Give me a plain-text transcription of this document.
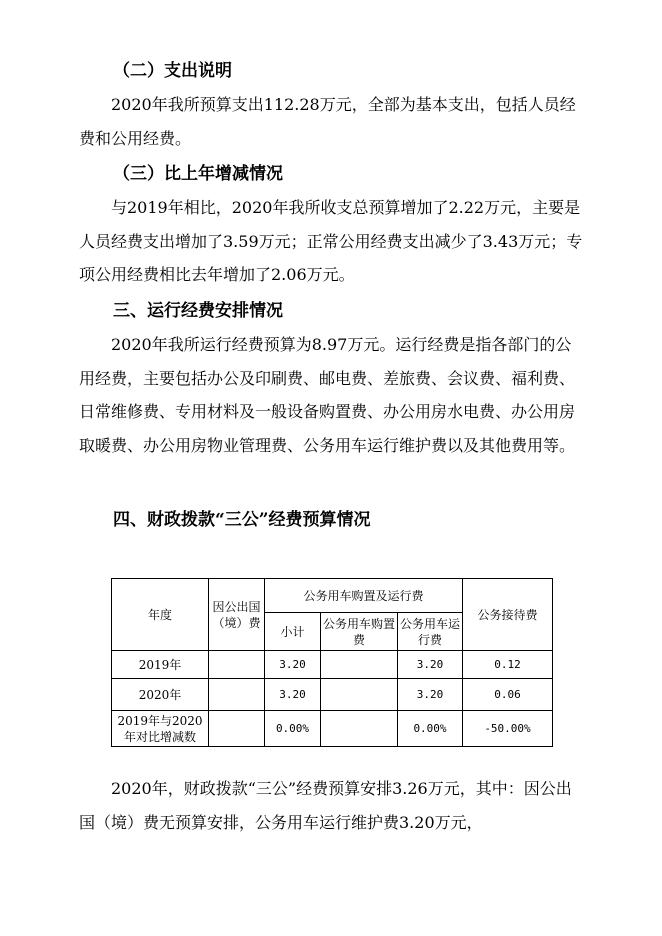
（二）支出说明
2020年我所预算支出112.28万元，全部为基本支出，包括人员经费和公用经费。
（三）比上年增减情况
与2019年相比，2020年我所收支总预算增加了2.22万元，主要是人员经费支出增加了3.59万元；正常公用经费支出减少了3.43万元；专项公用经费相比去年增加了2.06万元。
三、运行经费安排情况
2020年我所运行经费预算为8.97万元。运行经费是指各部门的公用经费，主要包括办公及印刷费、邮电费、差旅费、会议费、福利费、日常维修费、专用材料及一般设备购置费、办公用房水电费、办公用房取暖费、办公用房物业管理费、公务用车运行维护费以及其他费用等。
四、财政拨款“三公”经费预算情况
年度	因公出国（境）费	公务用车购置及运行费			公务接待费
		小计	公务用车购置费	公务用车运行费	
2019年		3.20		3.20	0.12
2020年		3.20		3.20	0.06
2019年与2020年对比增减数		0.00%		0.00%	-50.00%
2020年，财政拨款“三公”经费预算安排3.26万元，其中：因公出国（境）费无预算安排，公务用车运行维护费3.20万元，
